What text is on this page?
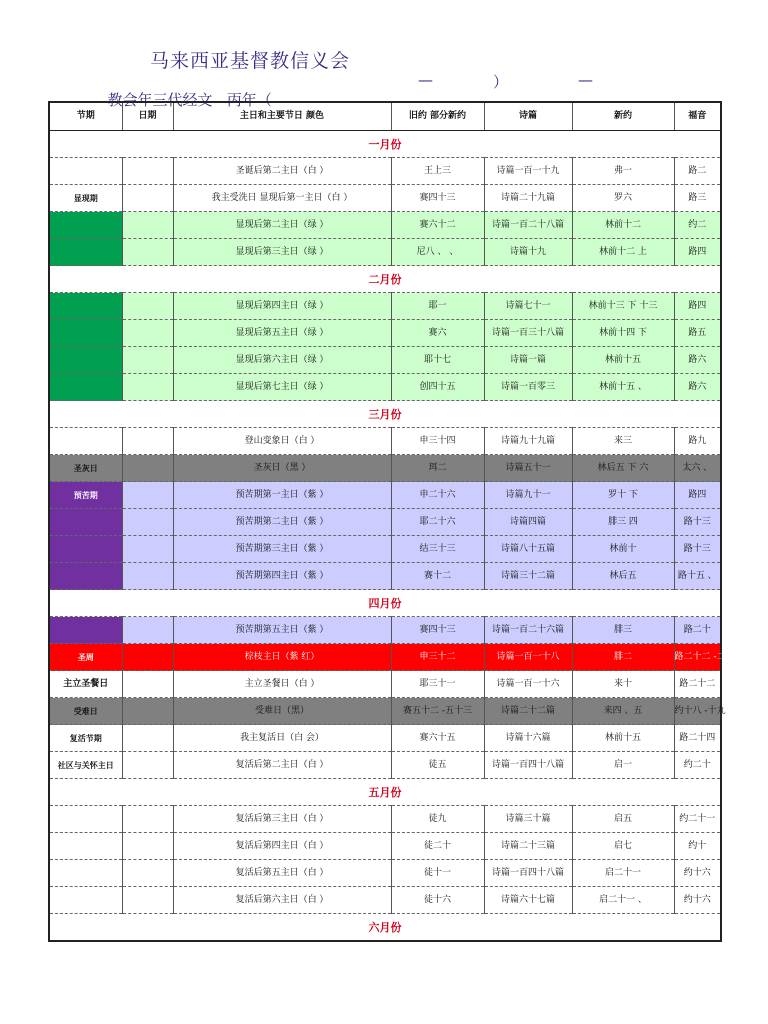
马来西亚基督教信义会

教会年三代经文   丙年（

—

	）

	—

节期	日期	主日和主要节日 颜色	旧约 部分新约	诗篇	新约	福音
一月份						
		圣诞后第二主日（白 ）	王上三	诗篇一百一十九	弗一	路二
显现期		我主受洗日 显现后第一主日（白 ）	赛四十三	诗篇二十九篇	罗六	路三
		显现后第二主日（绿 ）	赛六十二	诗篇一百二十八篇	林前十二	约二
		显现后第三主日（绿 ）	尼八 、 、	诗篇十九	林前十二 上	路四
二月份						
		显现后第四主日（绿 ）	耶一	诗篇七十一	林前十三 下 十三	路四
		显现后第五主日（绿 ）	赛六	诗篇一百三十八篇	林前十四 下	路五
		显现后第六主日（绿 ）	耶十七	诗篇一篇	林前十五	路六
		显现后第七主日（绿 ）	创四十五	诗篇一百零三	林前十五 、	路六
三月份						
		登山变象日（白 ）	申三十四	诗篇九十九篇	来三	路九
圣灰日		圣灰日（黑 ）	珥二	诗篇五十一	林后五 下 六	太六 、
预苦期		预苦期第一主日（紫 ）	申二十六	诗篇九十一	罗十 下	路四
		预苦期第二主日（紫 ）	耶二十六	诗篇四篇	腓三 四	路十三
		预苦期第三主日（紫 ）	结三十三	诗篇八十五篇	林前十	路十三
		预苦期第四主日（紫 ）	赛十二	诗篇三十二篇	林后五	路十五 、
四月份						
		预苦期第五主日（紫 ）	赛四十三	诗篇一百二十六篇	腓三	路二十
圣周		棕枝主日（紫 红）	申三十二	诗篇一百一十八	腓二	路二十二 -二十三
主立圣餐日		主立圣餐日（白 ）	耶三十一	诗篇一百一十六	来十	路二十二
受难日		受难日（黑）	赛五十二 -五十三	诗篇二十二篇	来四 、五	约十八 -十九
复活节期		我主复活日（白 会）	赛六十五	诗篇十六篇	林前十五	路二十四
社区与关怀主日		复活后第二主日（白 ）	徒五	诗篇一百四十八篇	启一	约二十
五月份						
		复活后第三主日（白 ）	徒九	诗篇三十篇	启五	约二十一
		复活后第四主日（白 ）	徒二十	诗篇二十三篇	启七	约十
		复活后第五主日（白 ）	徒十一	诗篇一百四十八篇	启二十一	约十六
		复活后第六主日（白 ）	徒十六	诗篇六十七篇	启二十一 、	约十六
六月份						
